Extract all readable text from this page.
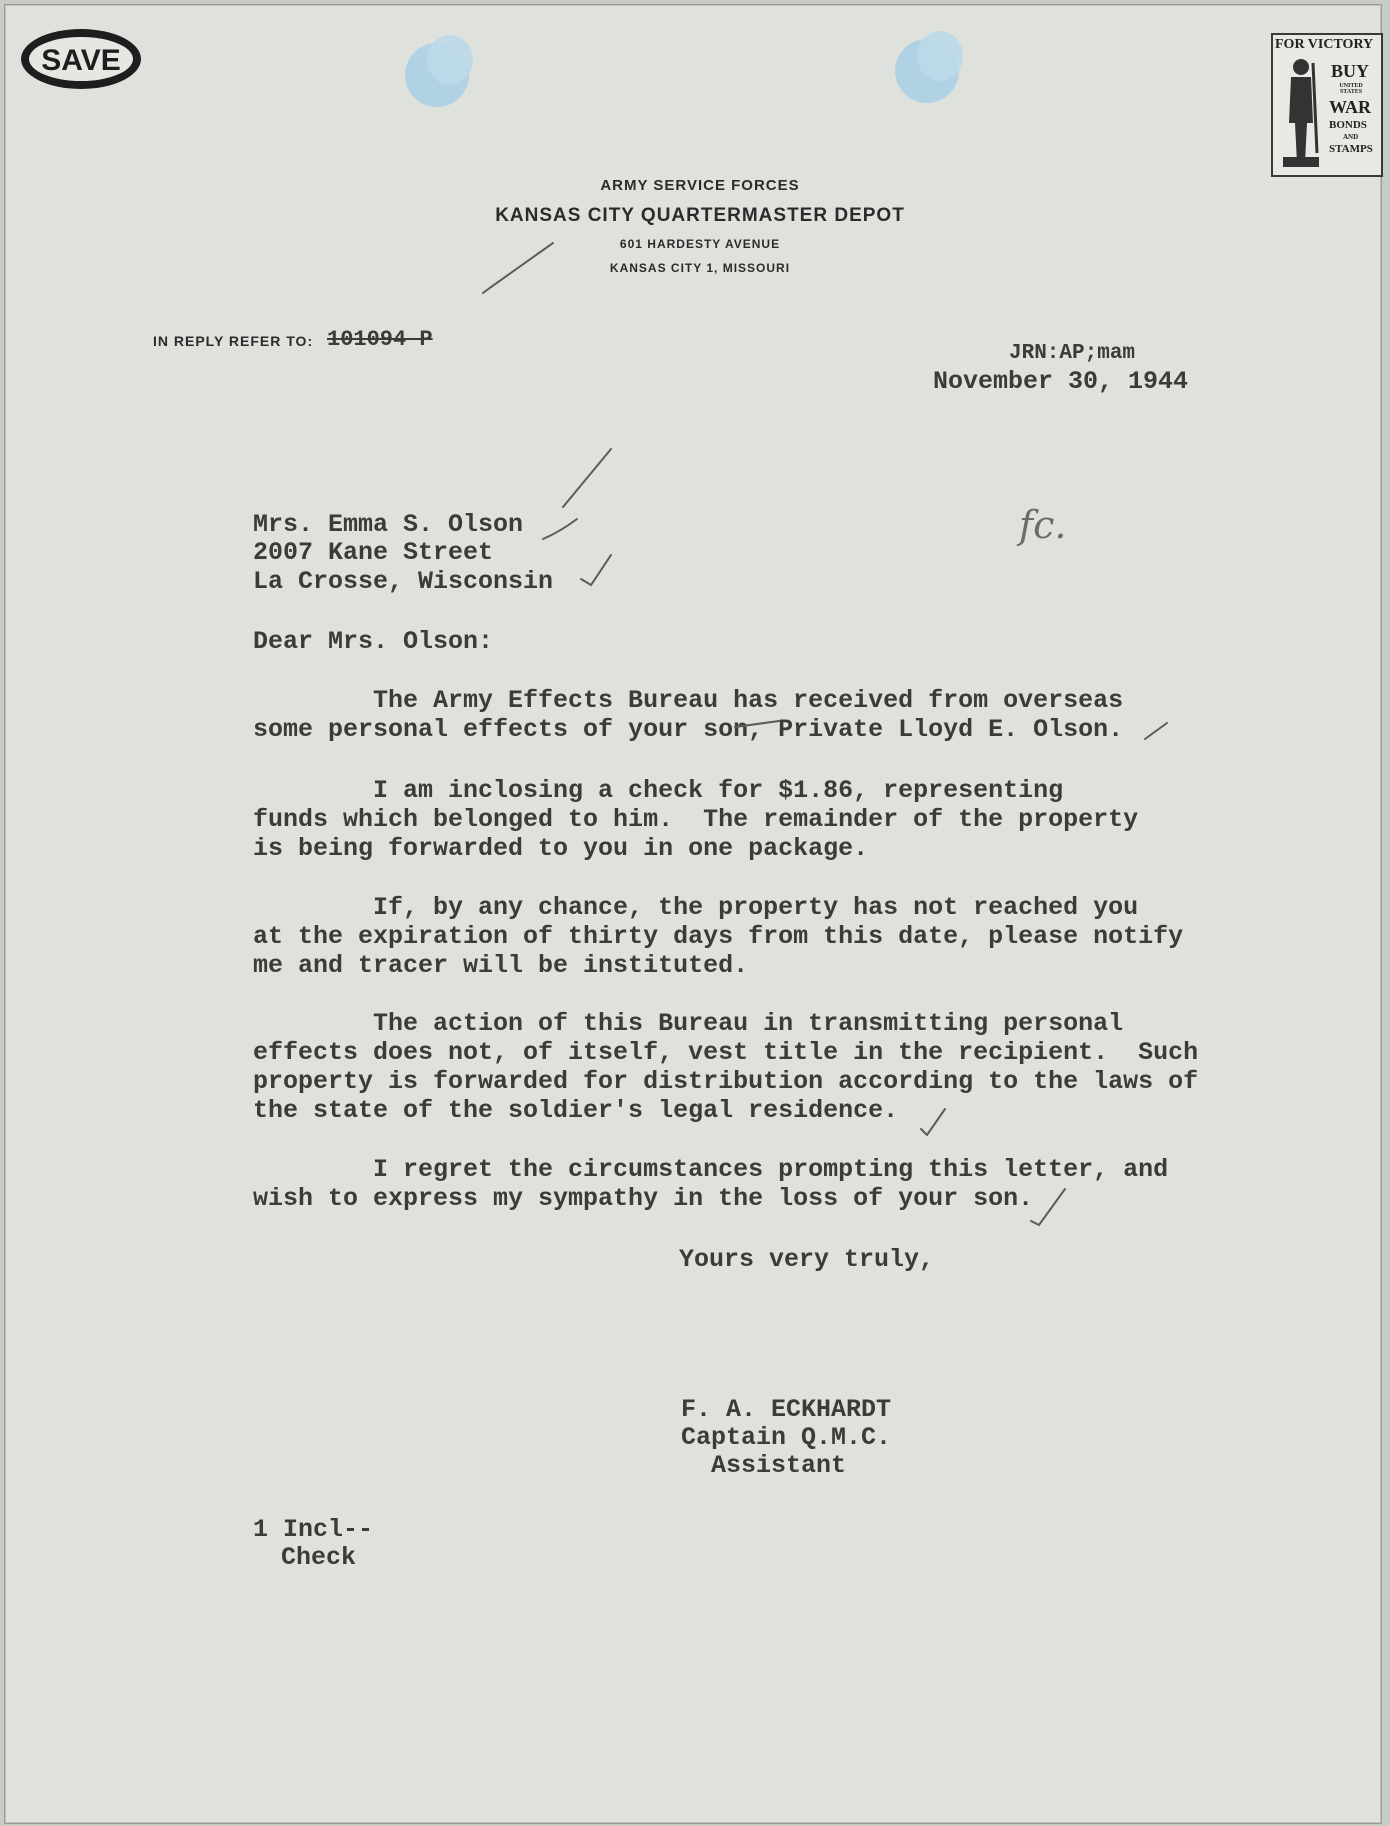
SAVE	FOR VICTORY
BUY
UNITED STATES
WAR
BONDS
AND
STAMPS
ARMY SERVICE FORCES
KANSAS CITY QUARTERMASTER DEPOT
601 HARDESTY AVENUE
KANSAS CITY 1, MISSOURI
IN REPLY REFER TO: 101094 P
JRN:AP;mam
November 30, 1944
Mrs. Emma S. Olson
2007 Kane Street
La Crosse, Wisconsin
fc.
Dear Mrs. Olson:
The Army Effects Bureau has received from overseas
some personal effects of your son, Private Lloyd E. Olson.
I am inclosing a check for $1.86, representing
funds which belonged to him.  The remainder of the property
is being forwarded to you in one package.
If, by any chance, the property has not reached you
at the expiration of thirty days from this date, please notify
me and tracer will be instituted.
The action of this Bureau in transmitting personal
effects does not, of itself, vest title in the recipient.  Such
property is forwarded for distribution according to the laws of
the state of the soldier's legal residence.
I regret the circumstances prompting this letter, and
wish to express my sympathy in the loss of your son.
Yours very truly,
F. A. ECKHARDT
Captain Q.M.C.
Assistant
1 Incl--
Check
